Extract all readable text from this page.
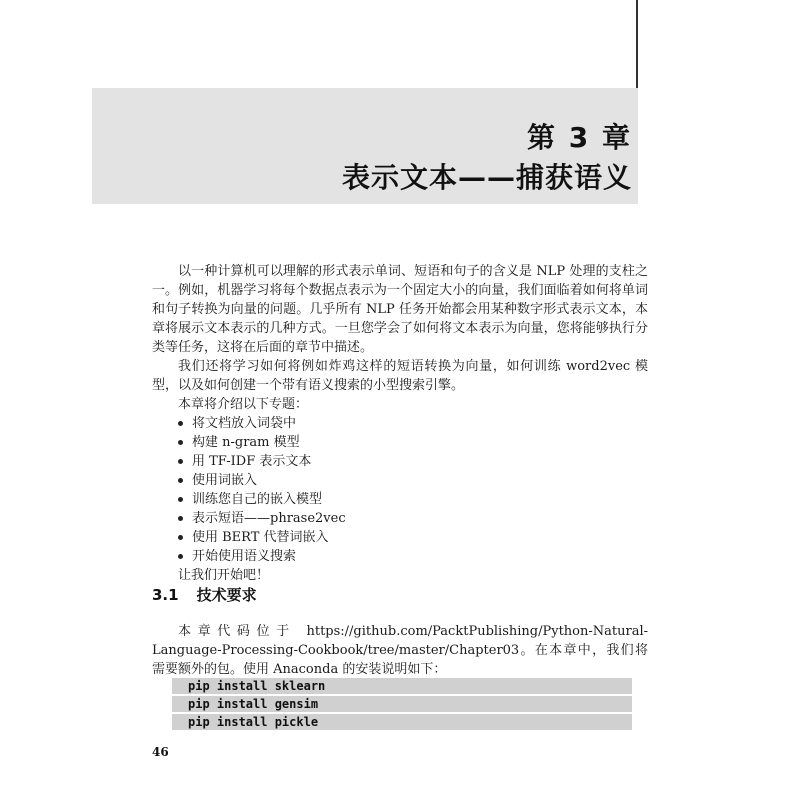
第 3 章
表示文本——捕获语义

以一种计算机可以理解的形式表示单词、短语和句子的含义是 NLP 处理的支柱之一。例如，机器学习将每个数据点表示为一个固定大小的向量，我们面临着如何将单词和句子转换为向量的问题。几乎所有 NLP 任务开始都会用某种数字形式表示文本，本章将展示文本表示的几种方式。一旦您学会了如何将文本表示为向量，您将能够执行分类等任务，这将在后面的章节中描述。

我们还将学习如何将例如炸鸡这样的短语转换为向量，如何训练 word2vec 模型，以及如何创建一个带有语义搜索的小型搜索引擎。

本章将介绍以下专题：

将文档放入词袋中
构建 n-gram 模型
用 TF-IDF 表示文本
使用词嵌入
训练您自己的嵌入模型
表示短语——phrase2vec
使用 BERT 代替词嵌入
开始使用语义搜索

让我们开始吧！

3.1 技术要求

本章代码位于 https://github.com/PacktPublishing/Python-Natural-Language-Processing-Cookbook/tree/master/Chapter03。在本章中，我们将需要额外的包。使用 Anaconda 的安装说明如下：

pip install sklearn
pip install gensim
pip install pickle
46
